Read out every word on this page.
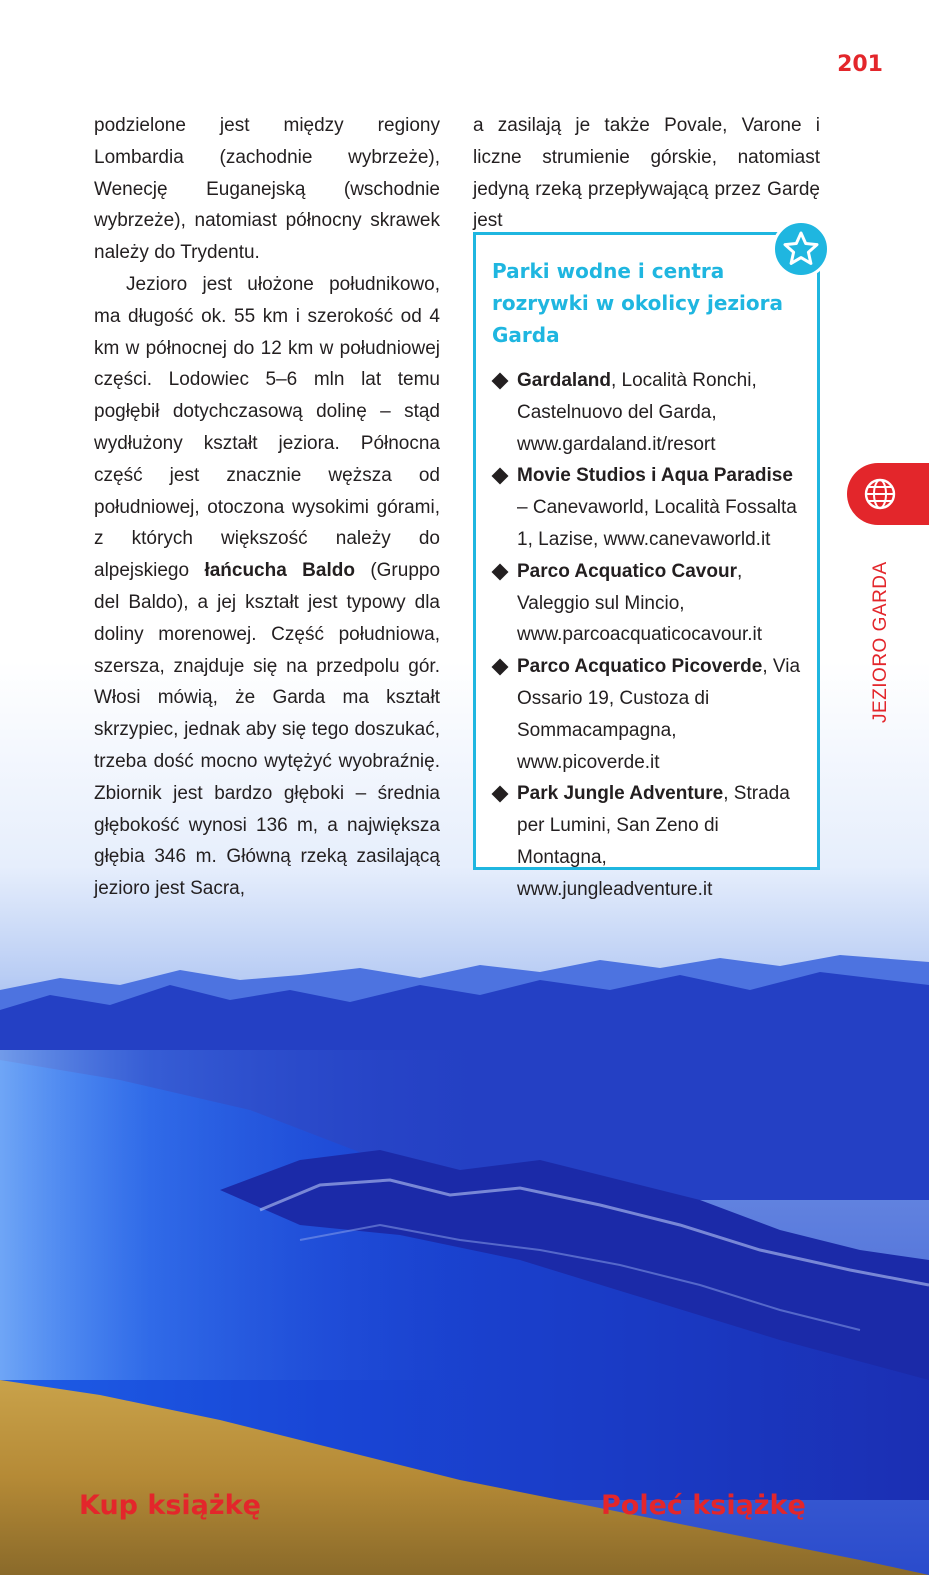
201

podzielone jest między regiony Lombardia (zachodnie wybrzeże), Wenecję Euganejską (wschodnie wybrzeże), natomiast północny skrawek należy do Trydentu.

Jezioro jest ułożone południkowo, ma długość ok. 55 km i szerokość od 4 km w północnej do 12 km w południowej części. Lodowiec 5–6 mln lat temu pogłębił dotychczasową dolinę – stąd wydłużony kształt jeziora. Północna część jest znacznie węższa od południowej, otoczona wysokimi górami, z których większość należy do alpejskiego łańcucha Baldo (Gruppo del Baldo), a jej kształt jest typowy dla doliny morenowej. Część południowa, szersza, znajduje się na przedpolu gór. Włosi mówią, że Garda ma kształt skrzypiec, jednak aby się tego doszukać, trzeba dość mocno wytężyć wyobraźnię. Zbiornik jest bardzo głęboki – średnia głębokość wynosi 136 m, a największa głębia 346 m. Główną rzeką zasilającą jezioro jest Sacra,

a zasilają je także Povale, Varone i liczne strumienie górskie, natomiast jedyną rzeką przepływającą przez Gardę jest
Parki wodne i centra rozrywki w okolicy jeziora Garda
Gardaland, Località Ronchi, Castelnuovo del Garda, www.gardaland.it/resort
Movie Studios i Aqua Paradise – Canevaworld, Località Fossalta 1, Lazise, www.canevaworld.it
Parco Acquatico Cavour, Valeggio sul Mincio, www.parcoacquaticocavour.it
Parco Acquatico Picoverde, Via Ossario 19, Custoza di Sommacampagna, www.picoverde.it
Park Jungle Adventure, Strada per Lumini, San Zeno di Montagna, www.jungleadventure.it
JEZIORO GARDA
Kup książkę	Poleć książkę
